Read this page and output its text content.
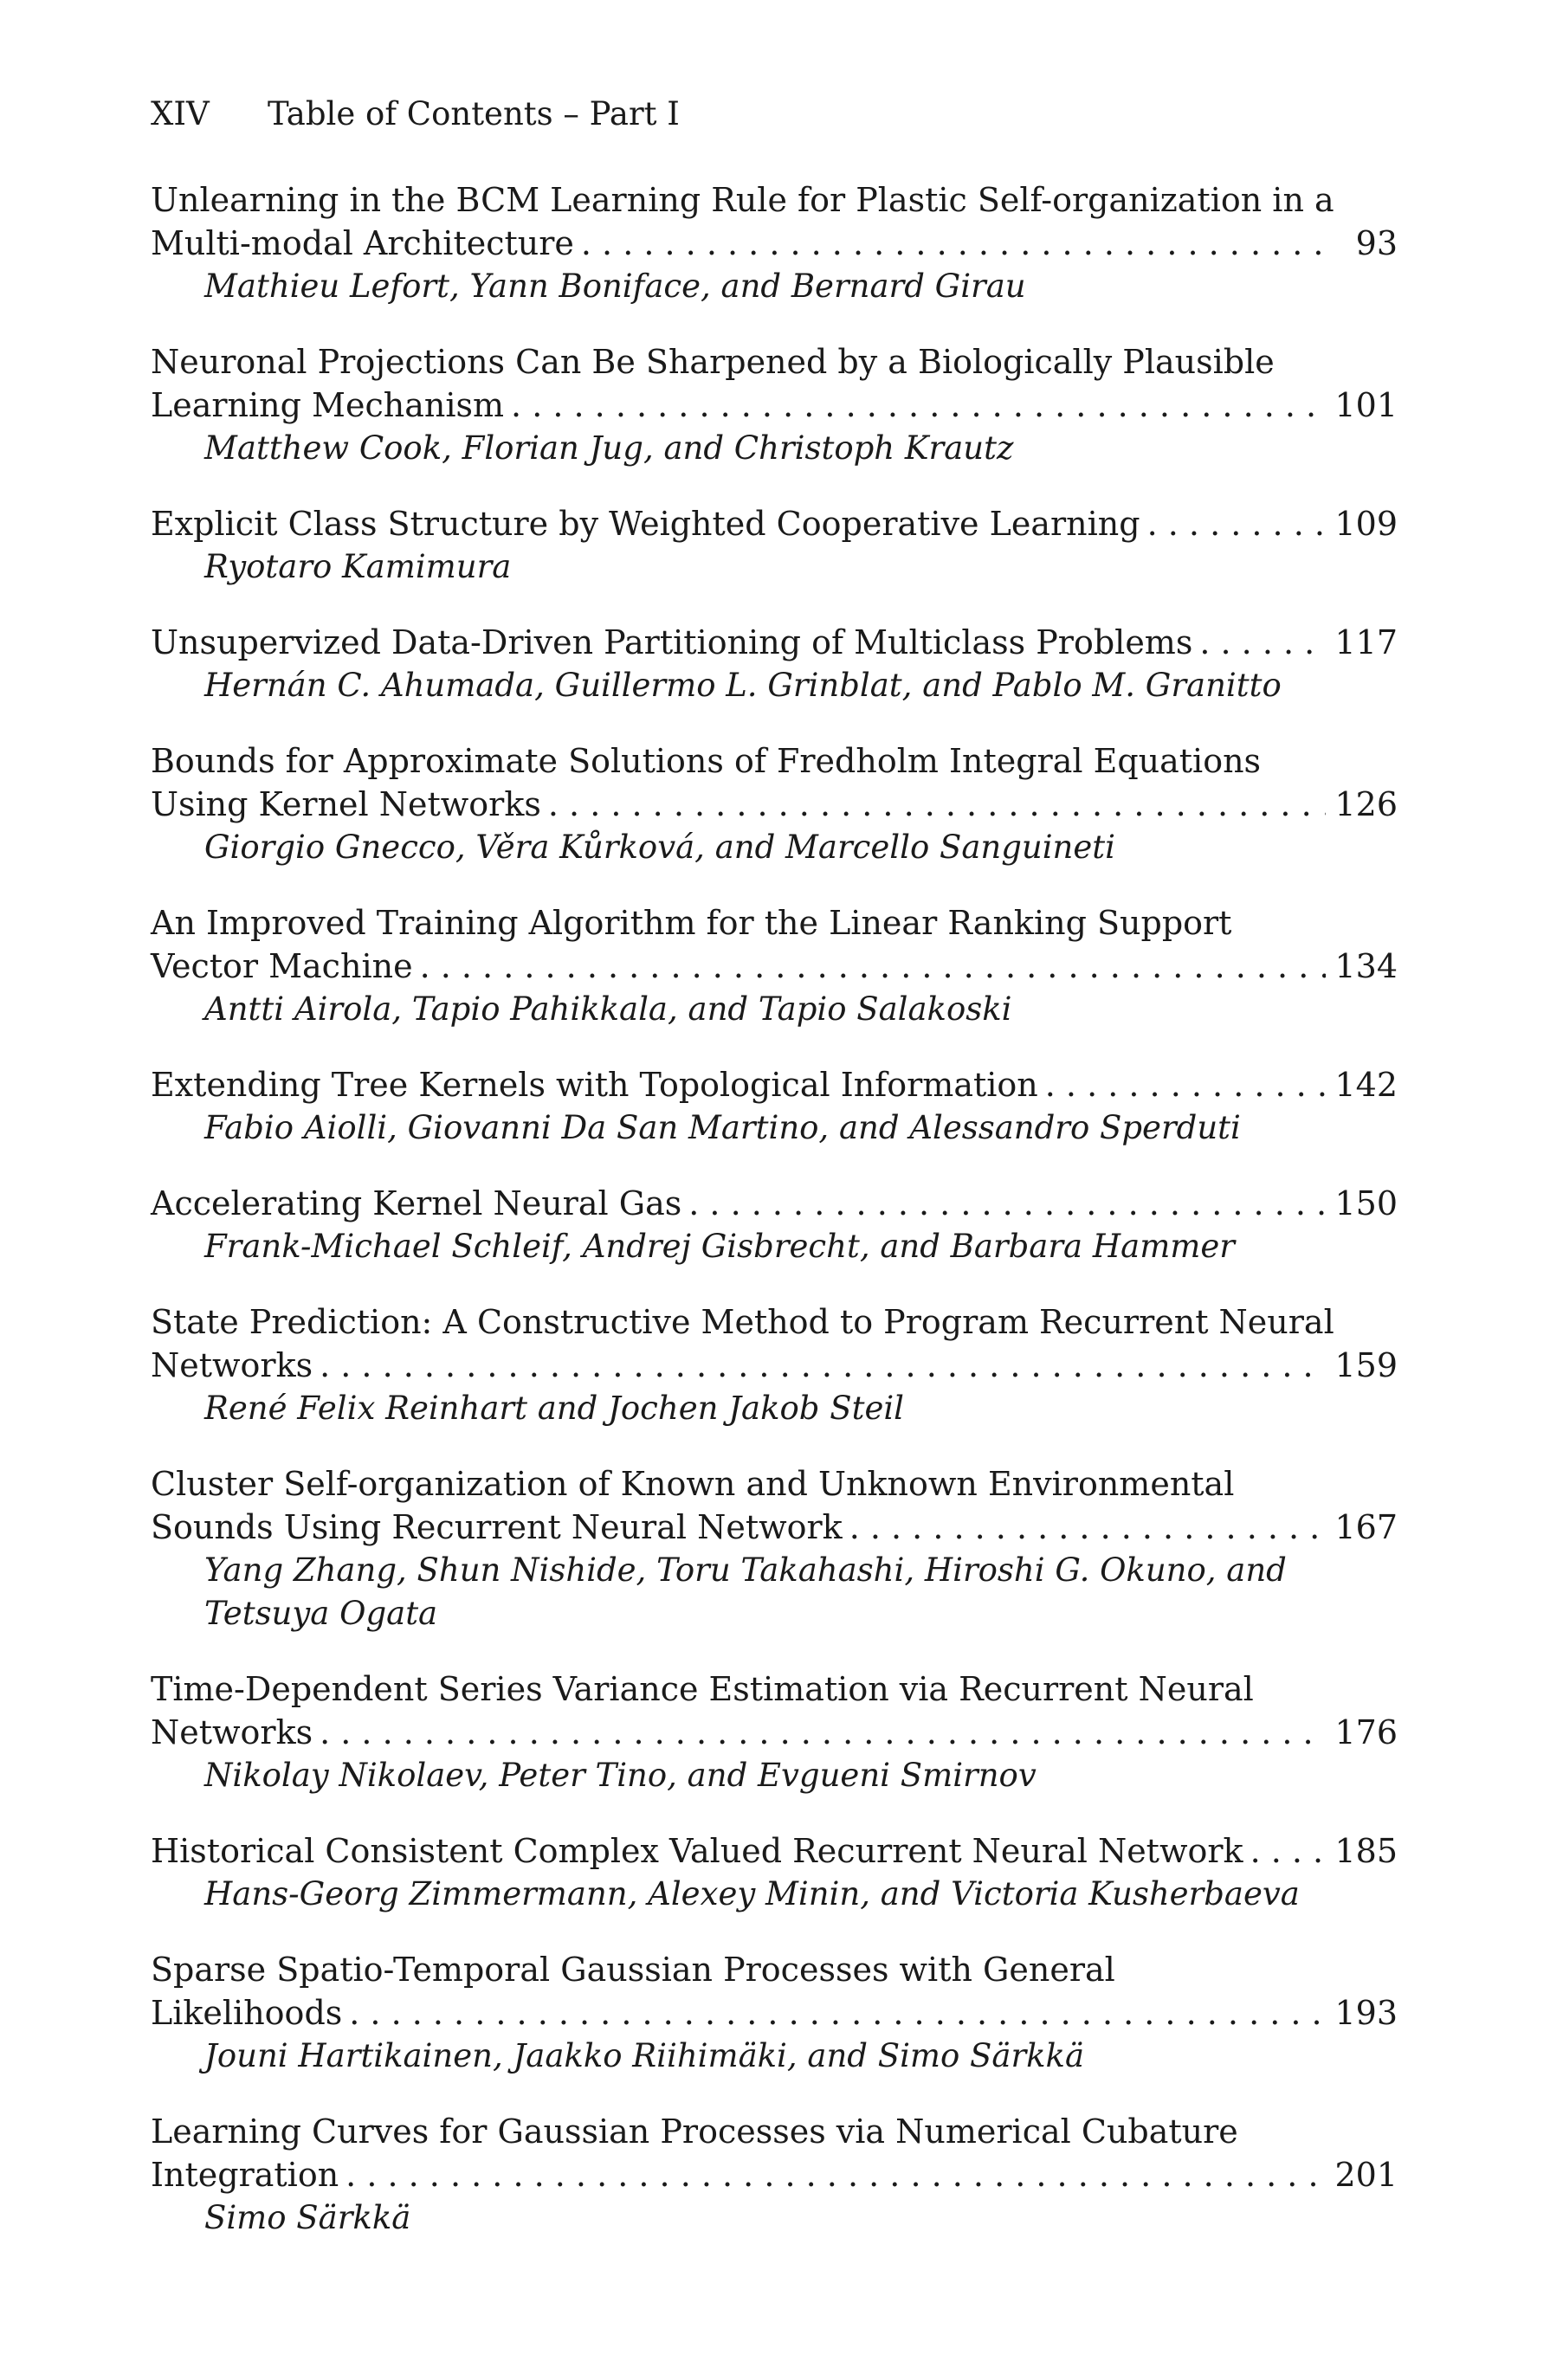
XIV Table of Contents – Part I
Unlearning in the BCM Learning Rule for Plastic Self-organization in a
Multi-modal Architecture . . .	93
Mathieu Lefort, Yann Boniface, and Bernard Girau
Neuronal Projections Can Be Sharpened by a Biologically Plausible
Learning Mechanism . . .	101
Matthew Cook, Florian Jug, and Christoph Krautz
Explicit Class Structure by Weighted Cooperative Learning . . .	109
Ryotaro Kamimura
Unsupervized Data-Driven Partitioning of Multiclass Problems . . .	117
Hernán C. Ahumada, Guillermo L. Grinblat, and Pablo M. Granitto
Bounds for Approximate Solutions of Fredholm Integral Equations
Using Kernel Networks . . .	126
Giorgio Gnecco, Věra Kůrková, and Marcello Sanguineti
An Improved Training Algorithm for the Linear Ranking Support
Vector Machine . . .	134
Antti Airola, Tapio Pahikkala, and Tapio Salakoski
Extending Tree Kernels with Topological Information . . .	142
Fabio Aiolli, Giovanni Da San Martino, and Alessandro Sperduti
Accelerating Kernel Neural Gas . . .	150
Frank-Michael Schleif, Andrej Gisbrecht, and Barbara Hammer
State Prediction: A Constructive Method to Program Recurrent Neural
Networks . . .	159
René Felix Reinhart and Jochen Jakob Steil
Cluster Self-organization of Known and Unknown Environmental
Sounds Using Recurrent Neural Network . . .	167
Yang Zhang, Shun Nishide, Toru Takahashi, Hiroshi G. Okuno, and Tetsuya Ogata
Time-Dependent Series Variance Estimation via Recurrent Neural
Networks . . .	176
Nikolay Nikolaev, Peter Tino, and Evgueni Smirnov
Historical Consistent Complex Valued Recurrent Neural Network . . .	185
Hans-Georg Zimmermann, Alexey Minin, and Victoria Kusherbaeva
Sparse Spatio-Temporal Gaussian Processes with General
Likelihoods . . .	193
Jouni Hartikainen, Jaakko Riihimäki, and Simo Särkkä
Learning Curves for Gaussian Processes via Numerical Cubature
Integration . . .	201
Simo Särkkä
